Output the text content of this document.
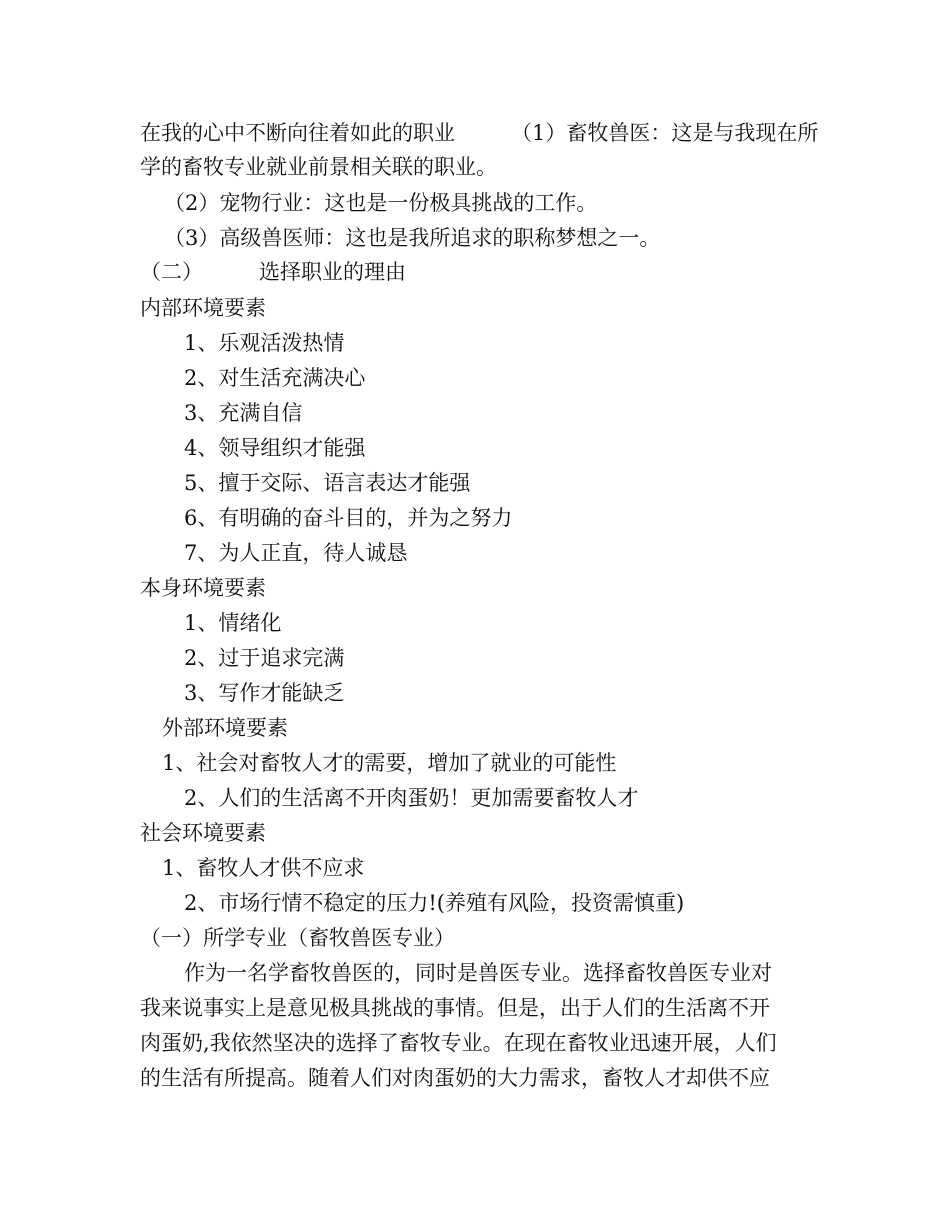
在我的心中不断向往着如此的职业	（1）畜牧兽医：这是与我现在所
学的畜牧专业就业前景相关联的职业。
（2）宠物行业：这也是一份极具挑战的工作。
（3）高级兽医师：这也是我所追求的职称梦想之一。
（二）	选择职业的理由
内部环境要素
1、乐观活泼热情
2、对生活充满决心
3、充满自信
4、领导组织才能强
5、擅于交际、语言表达才能强
6、有明确的奋斗目的，并为之努力
7、为人正直，待人诚恳
本身环境要素
1、情绪化
2、过于追求完满
3、写作才能缺乏
外部环境要素
1、社会对畜牧人才的需要，增加了就业的可能性
2、人们的生活离不开肉蛋奶！更加需要畜牧人才
社会环境要素
1、畜牧人才供不应求
2、市场行情不稳定的压力!(养殖有风险，投资需慎重)
（一）所学专业（畜牧兽医专业）
作为一名学畜牧兽医的，同时是兽医专业。选择畜牧兽医专业对
我来说事实上是意见极具挑战的事情。但是，出于人们的生活离不开
肉蛋奶,我依然坚决的选择了畜牧专业。在现在畜牧业迅速开展，人们
的生活有所提高。随着人们对肉蛋奶的大力需求，畜牧人才却供不应
